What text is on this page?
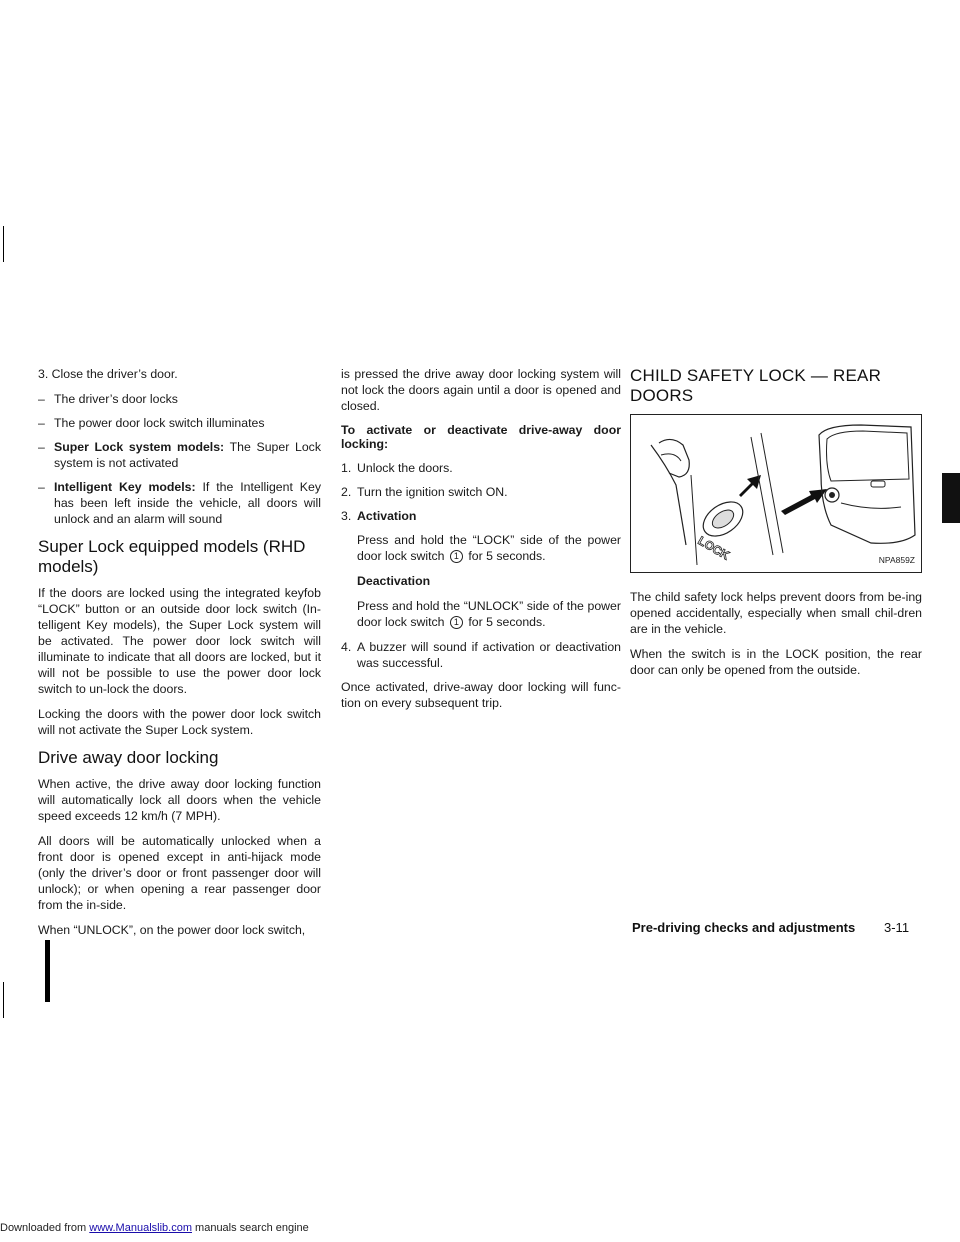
3. Close the driver’s door.

– The driver’s door locks
– The power door lock switch illuminates
– Super Lock system models: The Super Lock system is not activated
– Intelligent Key models: If the Intelligent Key has been left inside the vehicle, all doors will unlock and an alarm will sound
Super Lock equipped models (RHD models)

If the doors are locked using the integrated keyfob “LOCK” button or an outside door lock switch (In-telligent Key models), the Super Lock system will be activated. The power door lock switch will illuminate to indicate that all doors are locked, but it will not be possible to use the power door lock switch to un-lock the doors.

Locking the doors with the power door lock switch will not activate the Super Lock system.

Drive away door locking

When active, the drive away door locking function will automatically lock all doors when the vehicle speed exceeds 12 km/h (7 MPH).

All doors will be automatically unlocked when a front door is opened except in anti-hijack mode (only the driver’s door or front passenger door will unlock); or when opening a rear passenger door from the in-side.

When “UNLOCK”, on the power door lock switch,

is pressed the drive away door locking system will not lock the doors again until a door is opened and closed.

To activate or deactivate drive-away door locking:

1. Unlock the doors.
2. Turn the ignition switch ON.
3. Activation

Press and hold the “LOCK” side of the power door lock switch 1 for 5 seconds.

Deactivation

Press and hold the “UNLOCK” side of the power door lock switch 1 for 5 seconds.

4. A buzzer will sound if activation or deactivation was successful.

Once activated, drive-away door locking will func-tion on every subsequent trip.

CHILD SAFETY LOCK — REAR DOORS
LOCK	NPA859Z

The child safety lock helps prevent doors from be-ing opened accidentally, especially when small chil-dren are in the vehicle.

When the switch is in the LOCK position, the rear door can only be opened from the outside.

Pre-driving checks and adjustments 3-11
Downloaded from www.Manualslib.com manuals search engine
